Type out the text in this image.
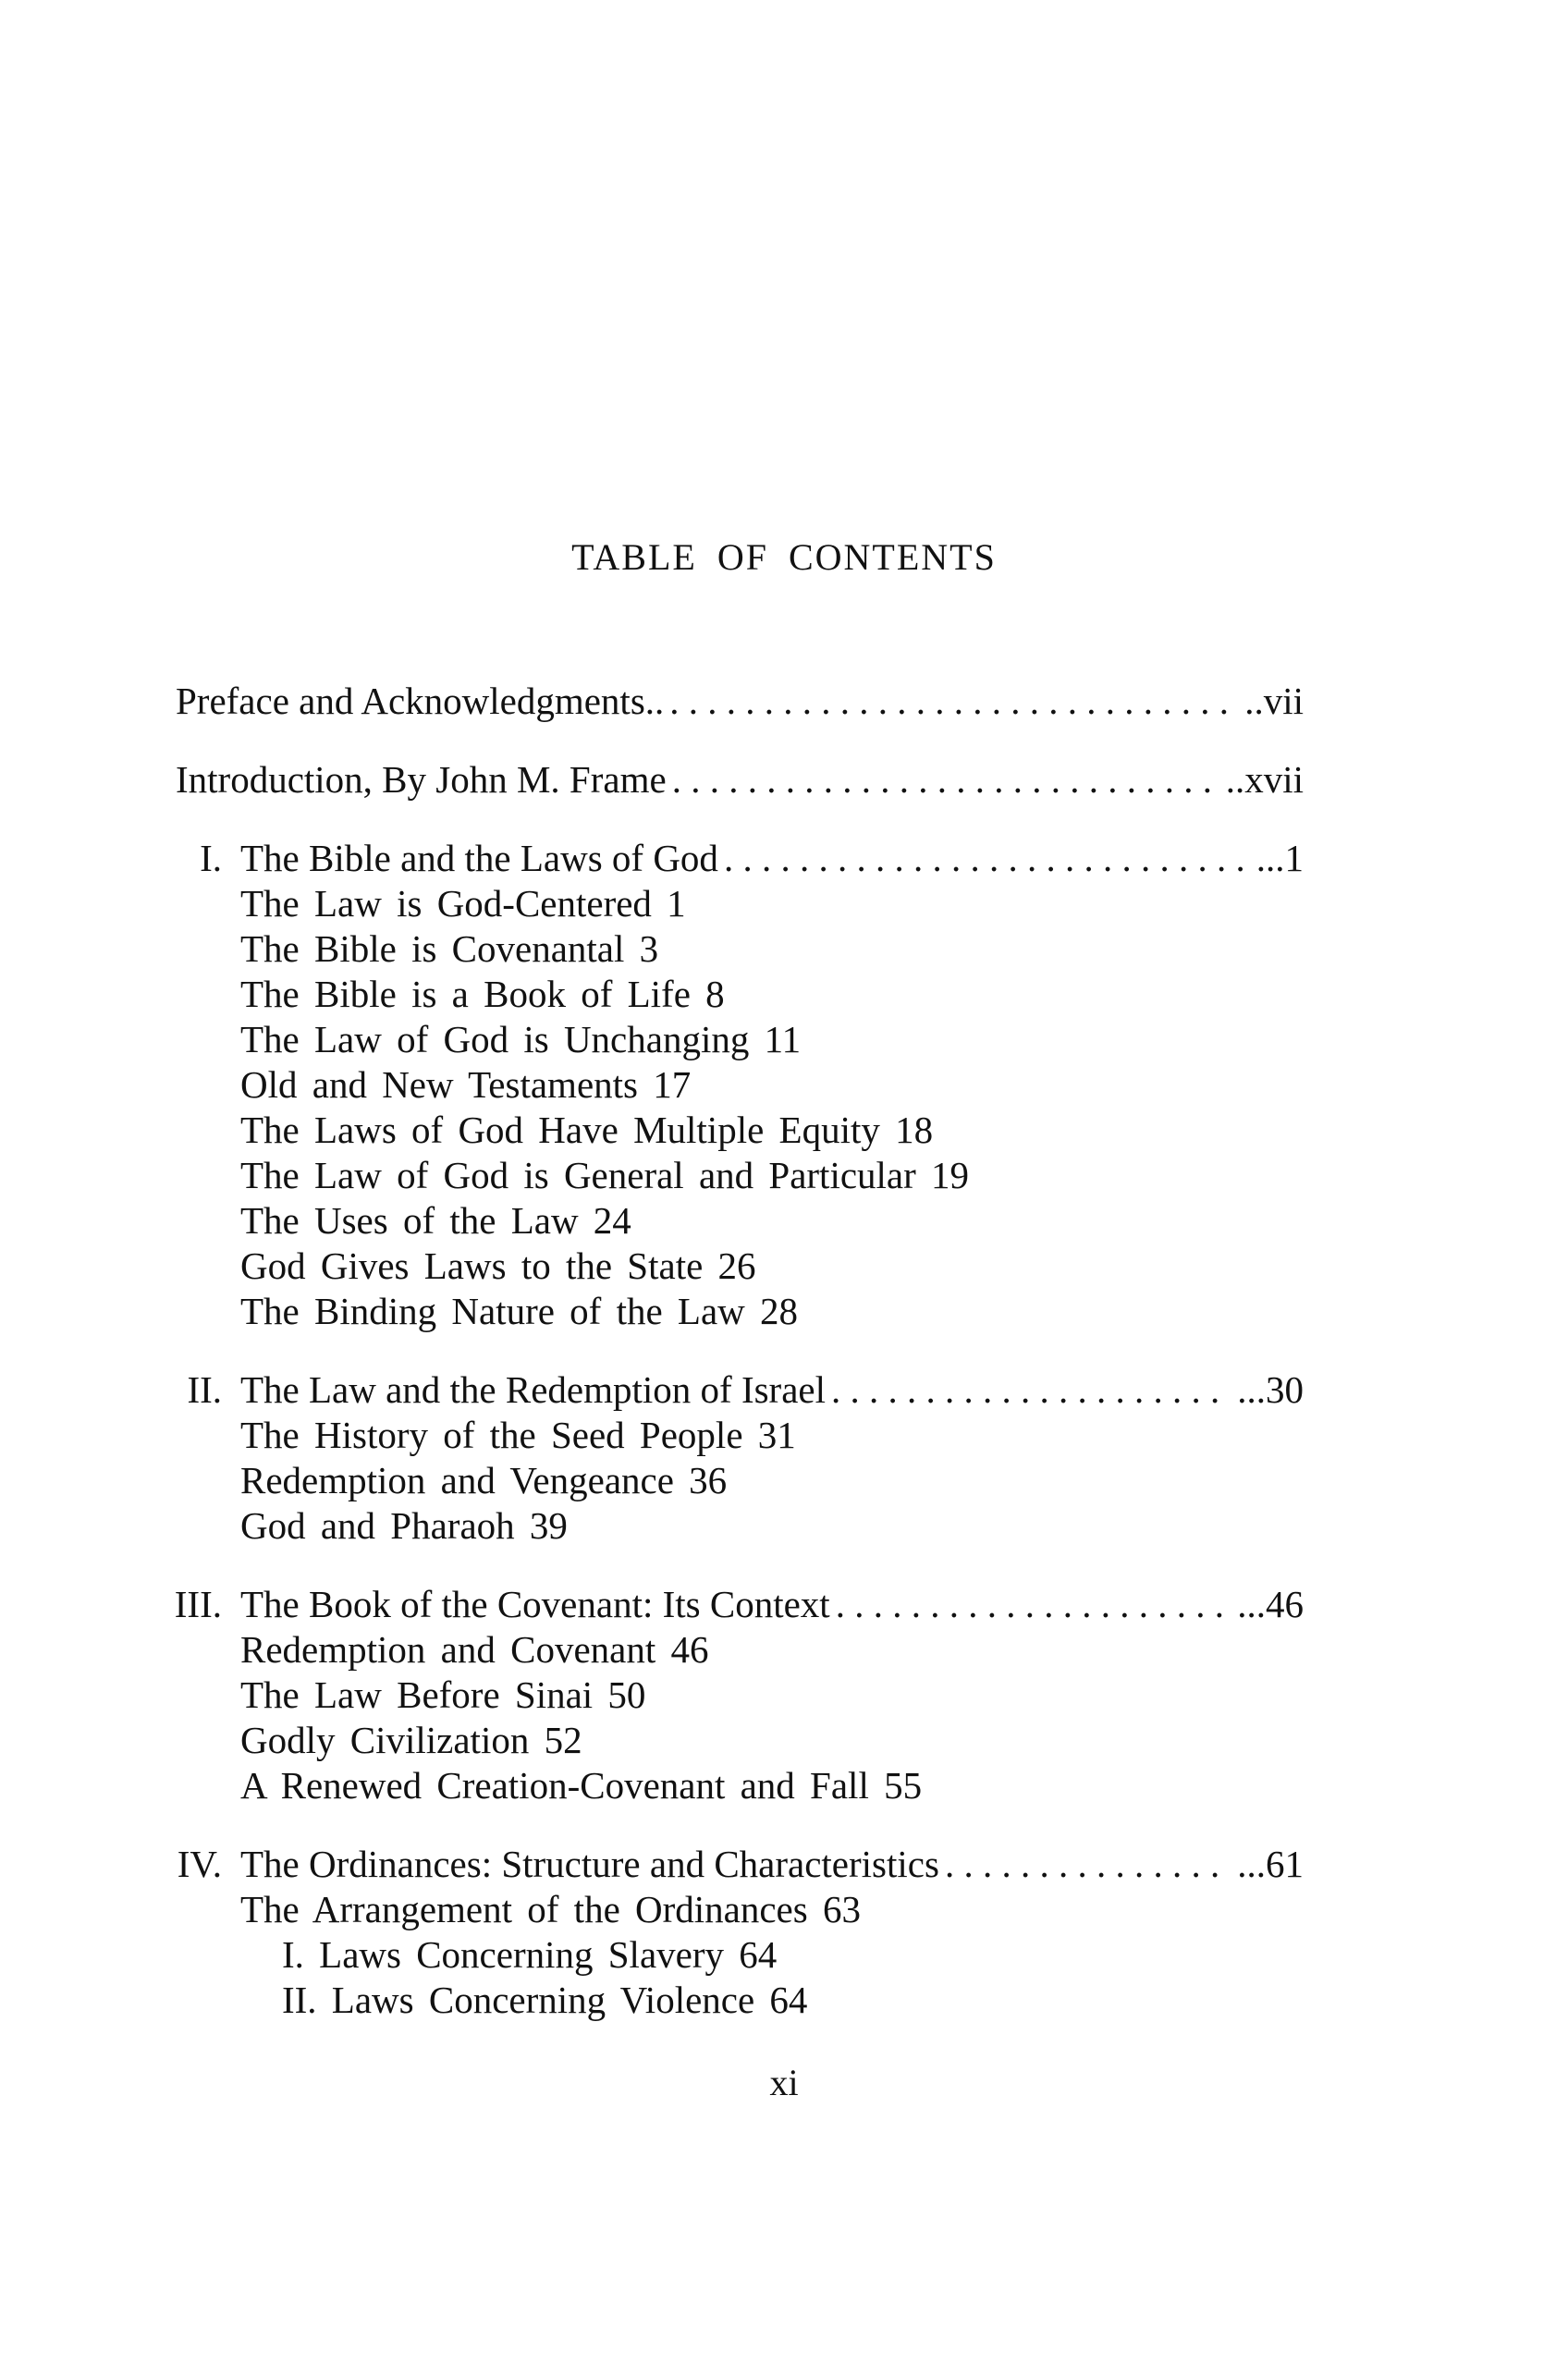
TABLE OF CONTENTS
Preface and Acknowledgments.. . . .	..vii
Introduction, By John M. Frame . . .	..xvii
I. The Bible and the Laws of God . . .	...1
The Law is God-Centered 1
The Bible is Covenantal 3
The Bible is a Book of Life 8
The Law of God is Unchanging 11
Old and New Testaments 17
The Laws of God Have Multiple Equity 18
The Law of God is General and Particular 19
The Uses of the Law 24
God Gives Laws to the State 26
The Binding Nature of the Law 28
II. The Law and the Redemption of Israel . . .	...30
The History of the Seed People 31
Redemption and Vengeance 36
God and Pharaoh 39
III. The Book of the Covenant: Its Context . . .	...46
Redemption and Covenant 46
The Law Before Sinai 50
Godly Civilization 52
A Renewed Creation-Covenant and Fall 55
IV. The Ordinances: Structure and Characteristics . . .	...61
The Arrangement of the Ordinances 63
I. Laws Concerning Slavery 64
II. Laws Concerning Violence 64
xi
